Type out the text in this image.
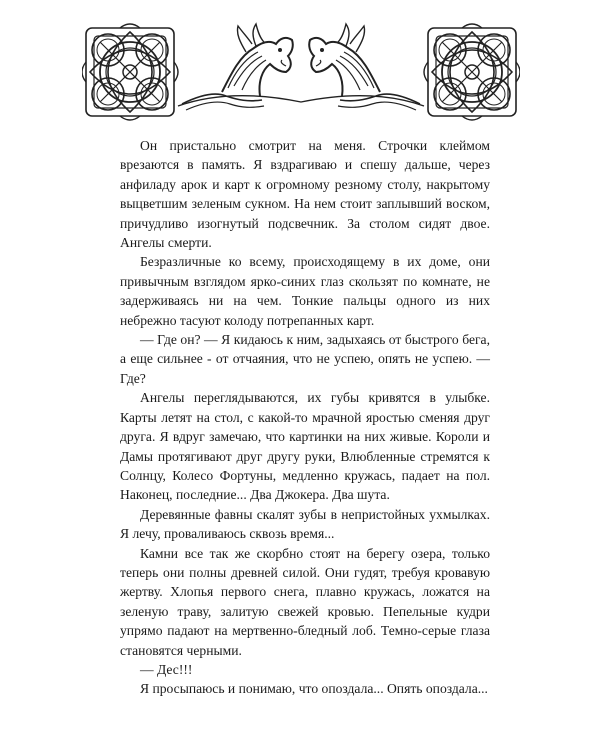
Он пристально смотрит на меня. Строчки клеймом врезаются в память. Я вздрагиваю и спешу дальше, через анфиладу арок и карт к огромному резному столу, накрытому выцветшим зеленым сукном. На нем стоит заплывший воском, причудливо изогнутый подсвечник. За столом сидят двое. Ангелы смерти.

Безразличные ко всему, происходящему в их доме, они привычным взглядом ярко-синих глаз скользят по комнате, не задерживаясь ни на чем. Тонкие пальцы одного из них небрежно тасуют колоду потрепанных карт.

— Где он? — Я кидаюсь к ним, задыхаясь от быстрого бега, а еще сильнее - от отчаяния, что не успею, опять не успею. — Где?

Ангелы переглядываются, их губы кривятся в улыбке. Карты летят на стол, с какой-то мрачной яростью сменяя друг друга. Я вдруг замечаю, что картинки на них живые. Короли и Дамы протягивают друг другу руки, Влюбленные стремятся к Солнцу, Колесо Фортуны, медленно кружась, падает на пол. Наконец, последние... Два Джокера. Два шута.

Деревянные фавны скалят зубы в непристойных ухмылках. Я лечу, проваливаюсь сквозь время...

Камни все так же скорбно стоят на берегу озера, только теперь они полны древней силой. Они гудят, требуя кровавую жертву. Хлопья первого снега, плавно кружась, ложатся на зеленую траву, залитую свежей кровью. Пепельные кудри упрямо падают на мертвенно-бледный лоб. Темно-серые глаза становятся черными.

— Дес!!!

Я просыпаюсь и понимаю, что опоздала... Опять опоздала...
